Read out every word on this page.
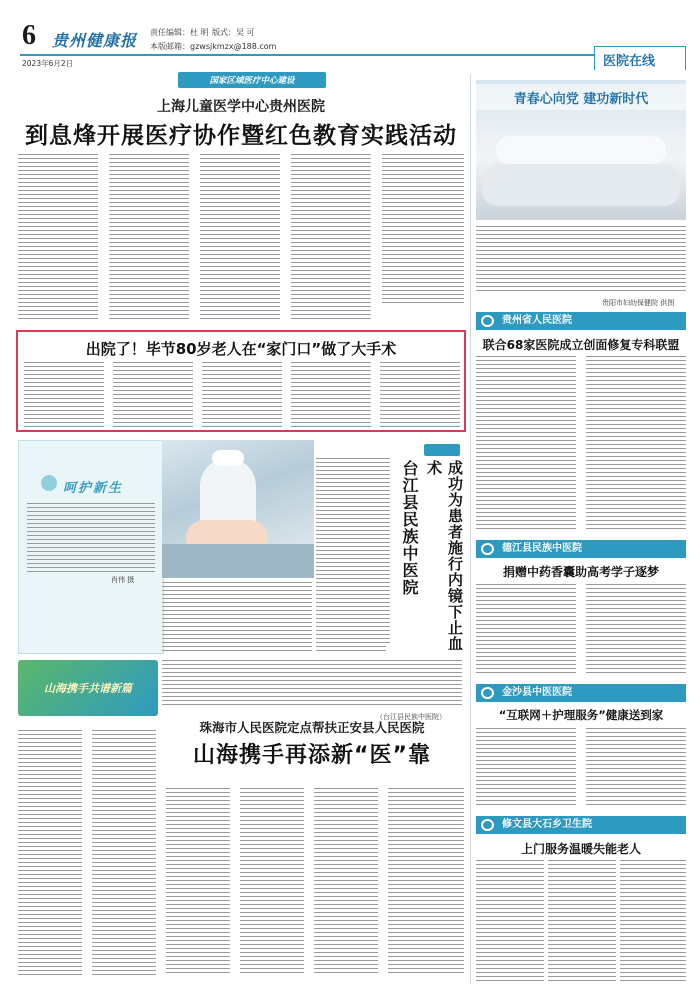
6 贵州健康报
2023年6月2日
责任编辑：杜 明 版式：吴 可
本版邮箱：gzwsjkmzx@188.com
医院在线
国家区域医疗中心建设
上海儿童医学中心贵州医院
到息烽开展医疗协作暨红色教育实践活动
出院了！毕节80岁老人在“家门口”做了大手术
呵护新生
肖伟 摄	台江县民族中医院	成功为患者施行内镜下止血术
（台江县民族中医院）
山海携手共谱新篇
珠海市人民医院定点帮扶正安县人民医院
山海携手再添新“医”靠
青春心向党 建功新时代
贵阳市妇幼保健院 供图
贵州省人民医院
联合68家医院成立创面修复专科联盟
德江县民族中医院
捐赠中药香囊助高考学子逐梦
金沙县中医医院
“互联网＋护理服务”健康送到家
修文县大石乡卫生院
上门服务温暖失能老人
